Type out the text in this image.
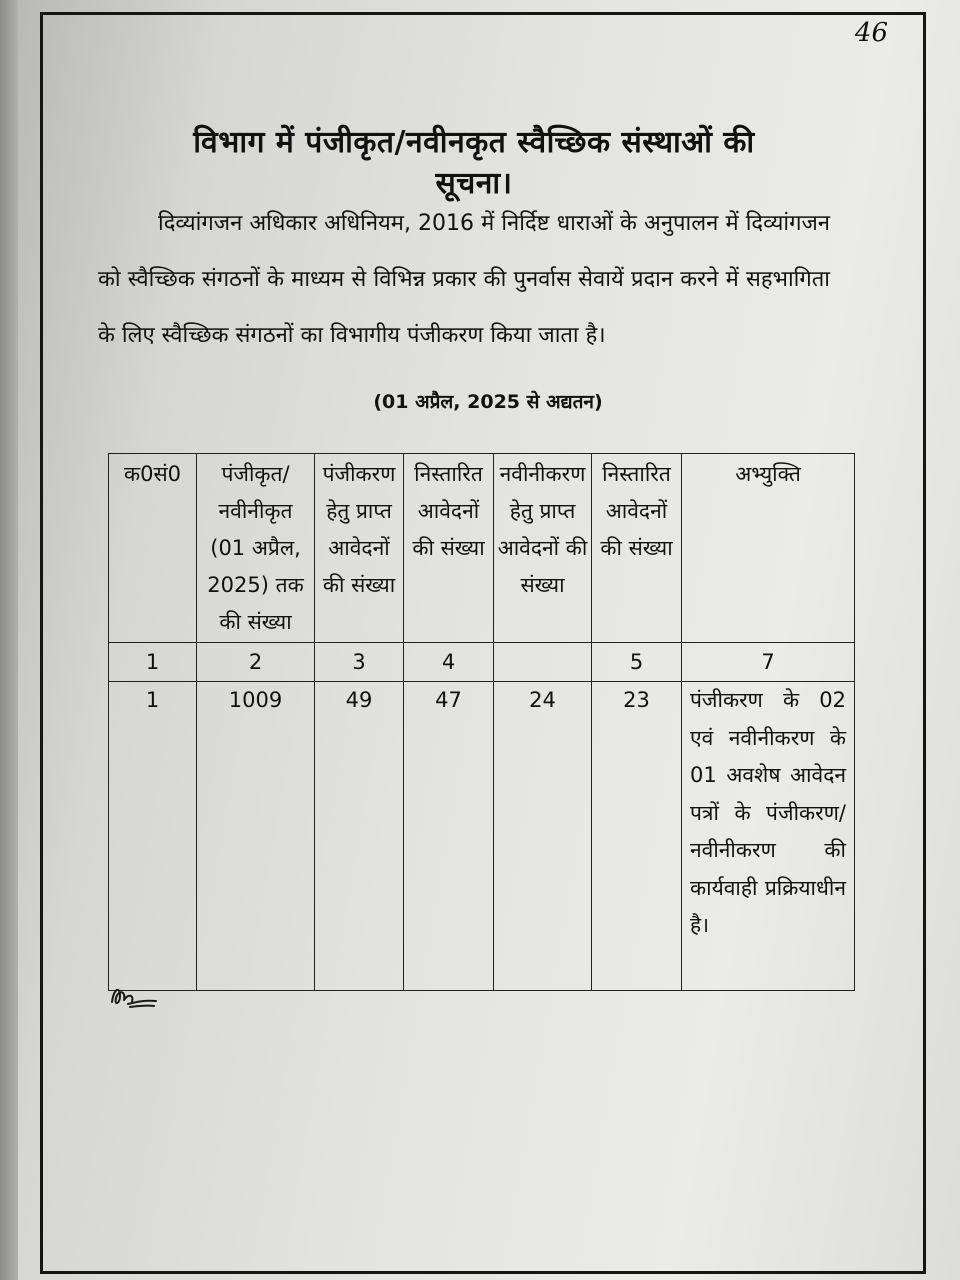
46
विभाग में पंजीकृत/नवीनकृत स्वैच्छिक संस्थाओं की सूचना।
दिव्यांगजन अधिकार अधिनियम, 2016 में निर्दिष्ट धाराओं के अनुपालन में दिव्यांगजन को स्वैच्छिक संगठनों के माध्यम से विभिन्न प्रकार की पुनर्वास सेवायें प्रदान करने में सहभागिता के लिए स्वैच्छिक संगठनों का विभागीय पंजीकरण किया जाता है।
(01 अप्रैल, 2025 से अद्यतन)
क0सं0	पंजीकृत/नवीनीकृत (01 अप्रैल, 2025) तक की संख्या	पंजीकरण हेतु प्राप्त आवेदनों की संख्या	निस्तारित आवेदनों की संख्या	नवीनीकरण हेतु प्राप्त आवेदनों की संख्या	निस्तारित आवेदनों की संख्या	अभ्युक्ति
1	2	3	4		5	7
1	1009	49	47	24	23	पंजीकरण के 02 एवं नवीनीकरण के 01 अवशेष आवेदन पत्रों के पंजीकरण/ नवीनीकरण की कार्यवाही प्रक्रियाधीन है।
